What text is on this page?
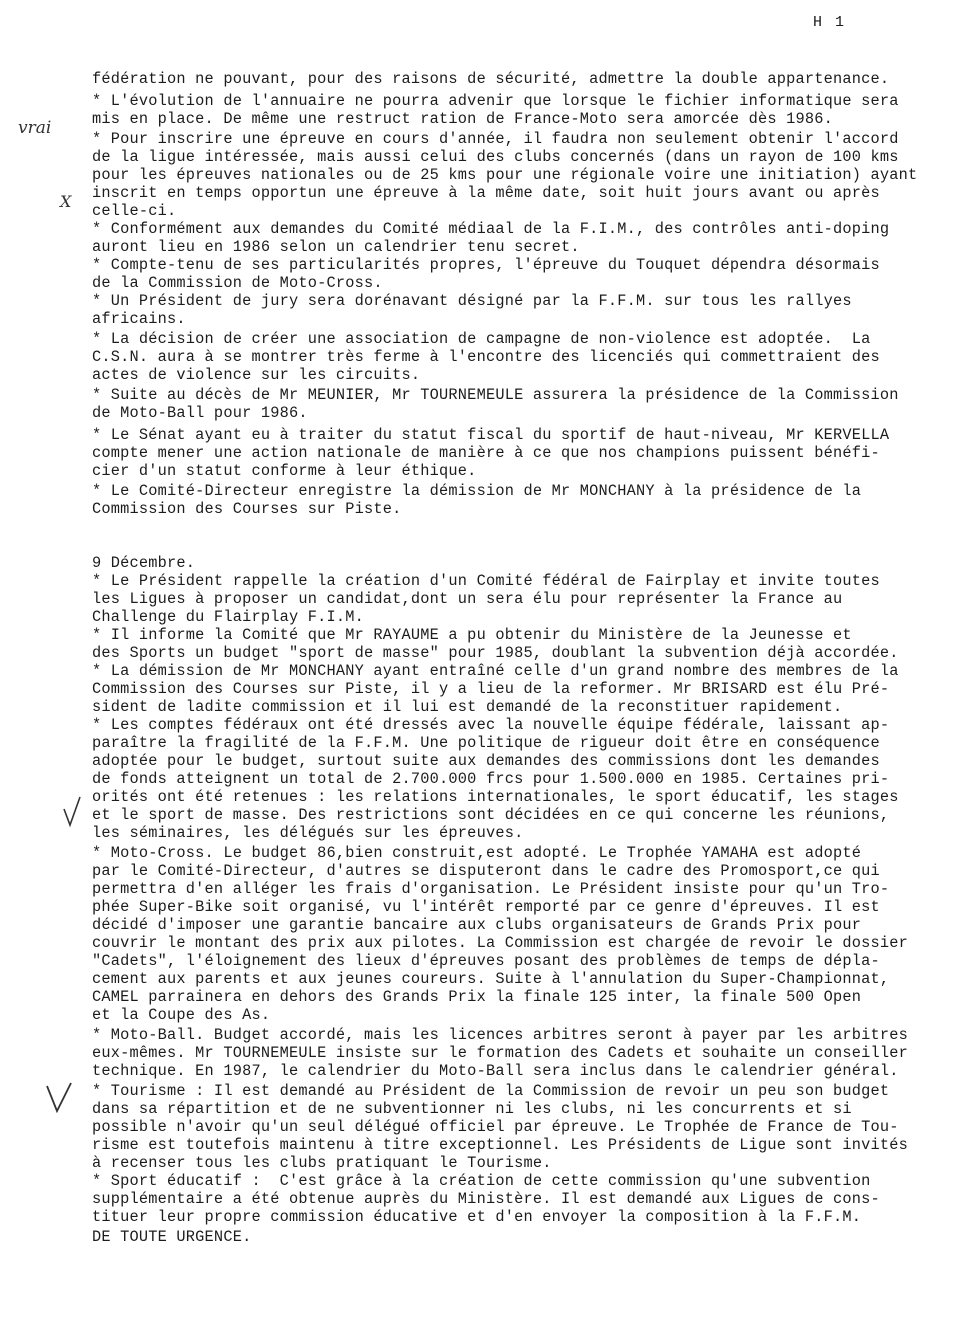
H 1
vrai
X
fédération ne pouvant, pour des raisons de sécurité, admettre la double appartenance.
* L'évolution de l'annuaire ne pourra advenir que lorsque le fichier informatique sera
mis en place. De même une restruct ration de France-Moto sera amorcée dès 1986.
* Pour inscrire une épreuve en cours d'année, il faudra non seulement obtenir l'accord
de la ligue intéressée, mais aussi celui des clubs concernés (dans un rayon de 100 kms
pour les épreuves nationales ou de 25 kms pour une régionale voire une initiation) ayant
inscrit en temps opportun une épreuve à la même date, soit huit jours avant ou après
celle-ci.
* Conformément aux demandes du Comité médiaal de la F.I.M., des contrôles anti-doping
auront lieu en 1986 selon un calendrier tenu secret.
* Compte-tenu de ses particularités propres, l'épreuve du Touquet dépendra désormais
de la Commission de Moto-Cross.
* Un Président de jury sera dorénavant désigné par la F.F.M. sur tous les rallyes
africains.
* La décision de créer une association de campagne de non-violence est adoptée.  La
C.S.N. aura à se montrer très ferme à l'encontre des licenciés qui commettraient des
actes de violence sur les circuits.
* Suite au décès de Mr MEUNIER, Mr TOURNEMEULE assurera la présidence de la Commission
de Moto-Ball pour 1986.
* Le Sénat ayant eu à traiter du statut fiscal du sportif de haut-niveau, Mr KERVELLA
compte mener une action nationale de manière à ce que nos champions puissent bénéfi-
cier d'un statut conforme à leur éthique.
* Le Comité-Directeur enregistre la démission de Mr MONCHANY à la présidence de la
Commission des Courses sur Piste.
9 Décembre.
* Le Président rappelle la création d'un Comité fédéral de Fairplay et invite toutes
les Ligues à proposer un candidat,dont un sera élu pour représenter la France au
Challenge du Flairplay F.I.M.
* Il informe la Comité que Mr RAYAUME a pu obtenir du Ministère de la Jeunesse et
des Sports un budget "sport de masse" pour 1985, doublant la subvention déjà accordée.
* La démission de Mr MONCHANY ayant entraîné celle d'un grand nombre des membres de la
Commission des Courses sur Piste, il y a lieu de la reformer. Mr BRISARD est élu Pré-
sident de ladite commission et il lui est demandé de la reconstituer rapidement.
* Les comptes fédéraux ont été dressés avec la nouvelle équipe fédérale, laissant ap-
paraître la fragilité de la F.F.M. Une politique de rigueur doit être en conséquence
adoptée pour le budget, surtout suite aux demandes des commissions dont les demandes
de fonds atteignent un total de 2.700.000 frcs pour 1.500.000 en 1985. Certaines pri-
orités ont été retenues : les relations internationales, le sport éducatif, les stages
et le sport de masse. Des restrictions sont décidées en ce qui concerne les réunions,
les séminaires, les délégués sur les épreuves.
* Moto-Cross. Le budget 86,bien construit,est adopté. Le Trophée YAMAHA est adopté
par le Comité-Directeur, d'autres se disputeront dans le cadre des Promosport,ce qui
permettra d'en alléger les frais d'organisation. Le Président insiste pour qu'un Tro-
phée Super-Bike soit organisé, vu l'intérêt remporté par ce genre d'épreuves. Il est
décidé d'imposer une garantie bancaire aux clubs organisateurs de Grands Prix pour
couvrir le montant des prix aux pilotes. La Commission est chargée de revoir le dossier
"Cadets", l'éloignement des lieux d'épreuves posant des problèmes de temps de dépla-
cement aux parents et aux jeunes coureurs. Suite à l'annulation du Super-Championnat,
CAMEL parrainera en dehors des Grands Prix la finale 125 inter, la finale 500 Open
et la Coupe des As.
* Moto-Ball. Budget accordé, mais les licences arbitres seront à payer par les arbitres
eux-mêmes. Mr TOURNEMEULE insiste sur le formation des Cadets et souhaite un conseiller
technique. En 1987, le calendrier du Moto-Ball sera inclus dans le calendrier général.
* Tourisme : Il est demandé au Président de la Commission de revoir un peu son budget
dans sa répartition et de ne subventionner ni les clubs, ni les concurrents et si
possible n'avoir qu'un seul délégué officiel par épreuve. Le Trophée de France de Tou-
risme est toutefois maintenu à titre exceptionnel. Les Présidents de Ligue sont invités
à recenser tous les clubs pratiquant le Tourisme.
* Sport éducatif :  C'est grâce à la création de cette commission qu'une subvention
supplémentaire a été obtenue auprès du Ministère. Il est demandé aux Ligues de cons-
tituer leur propre commission éducative et d'en envoyer la composition à la F.F.M.
DE TOUTE URGENCE.
